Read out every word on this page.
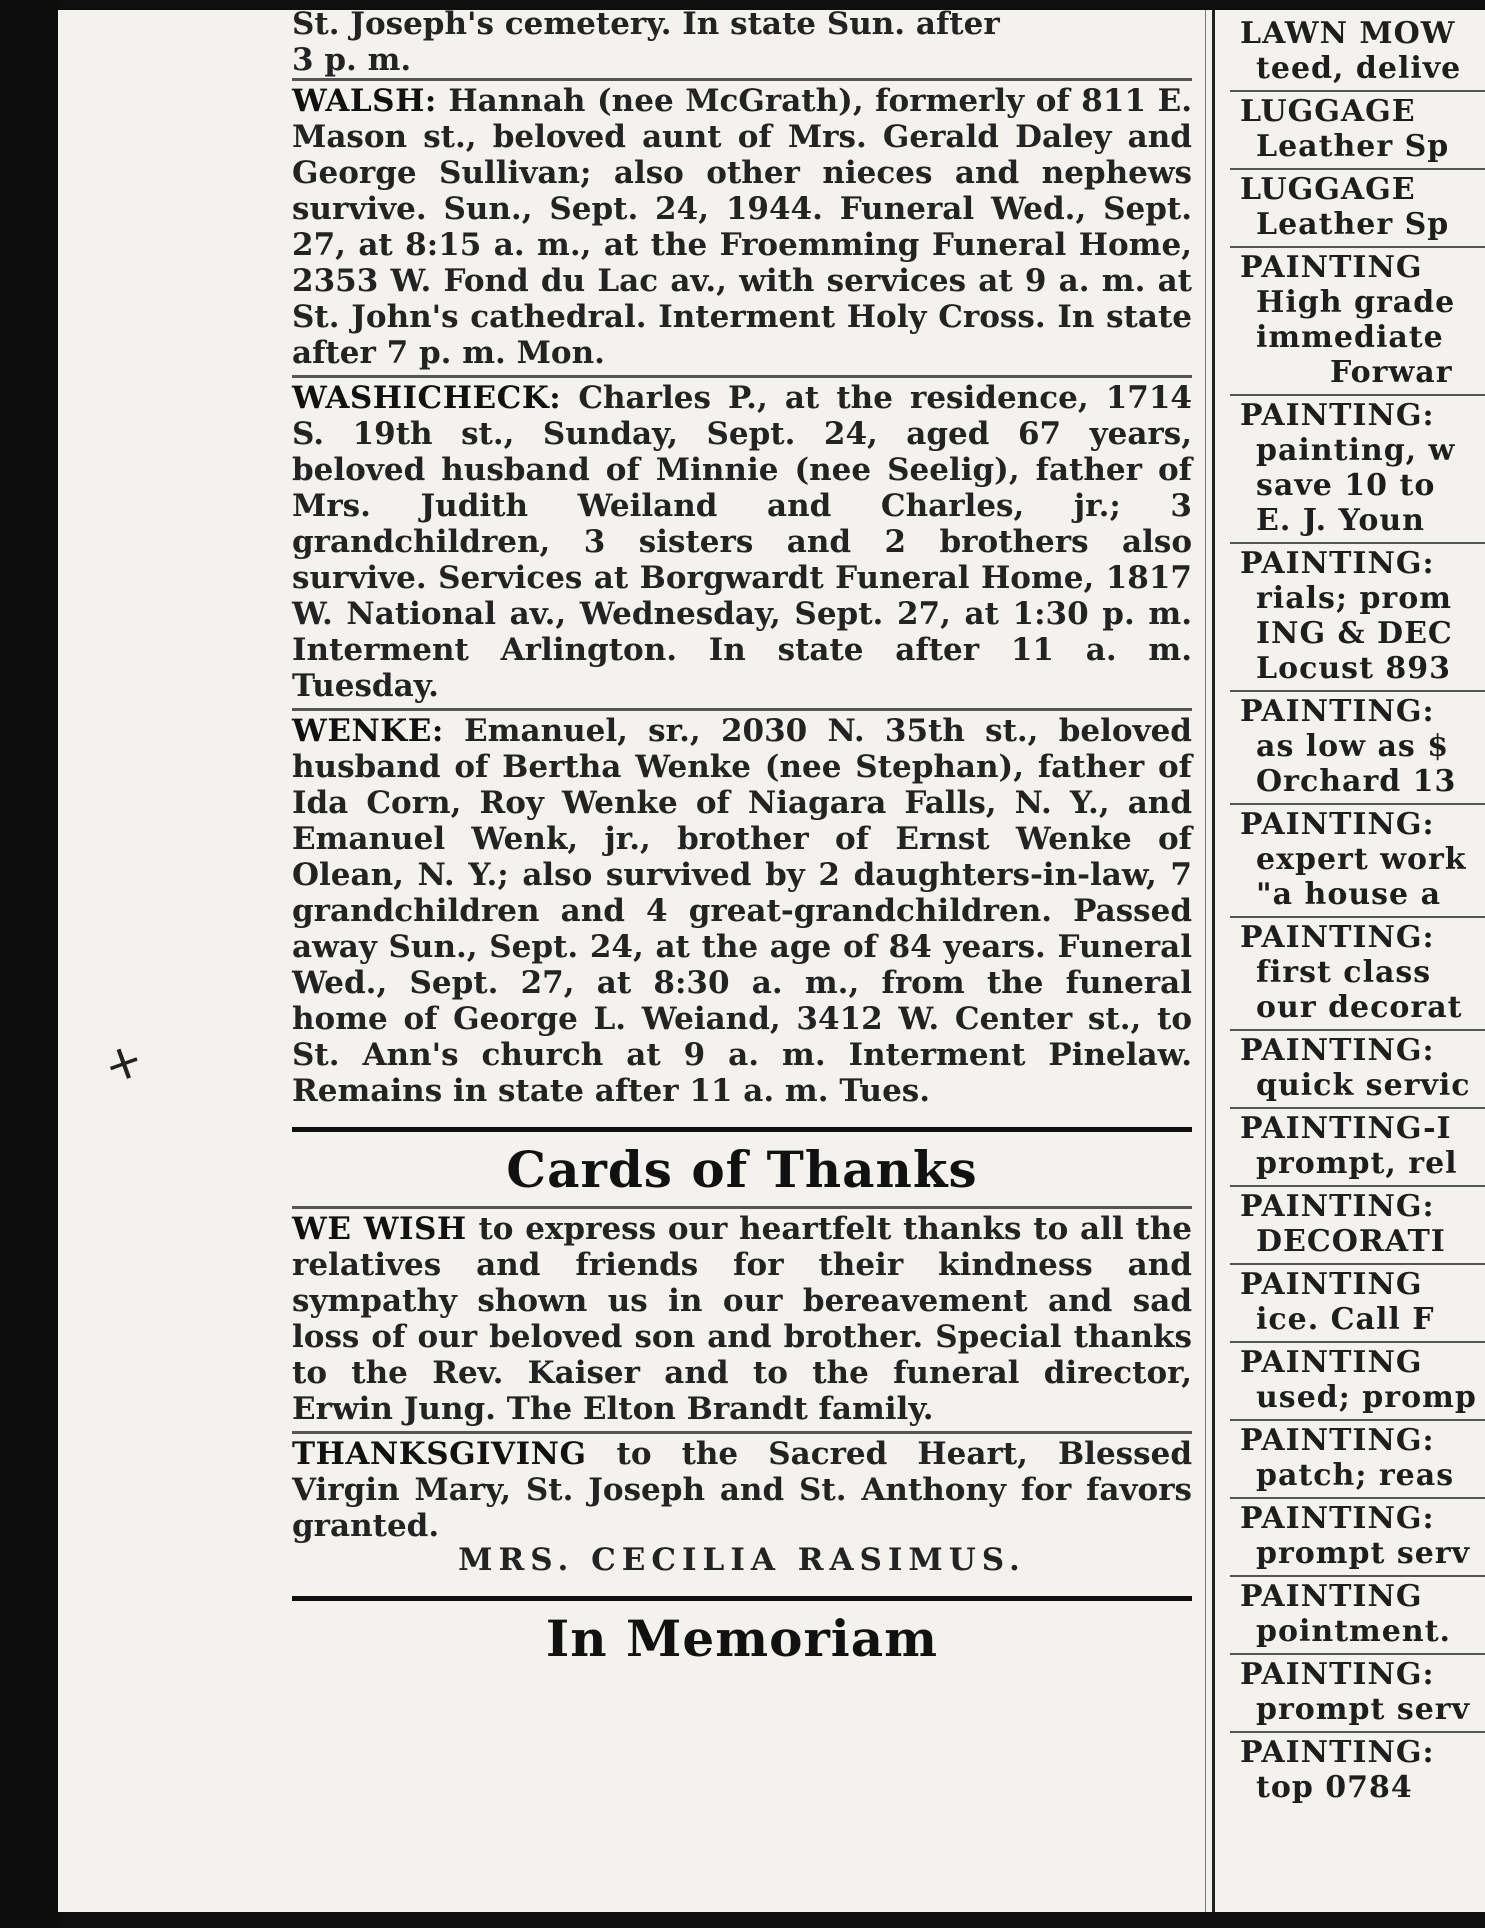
ⵜ
St. Joseph's cemetery. In state Sun. after
3 p. m.
WALSH: Hannah (nee McGrath), formerly of 811 E. Mason st., beloved aunt of Mrs. Gerald Daley and George Sullivan; also other nieces and nephews survive. Sun., Sept. 24, 1944. Funeral Wed., Sept. 27, at 8:15 a. m., at the Froemming Funeral Home, 2353 W. Fond du Lac av., with services at 9 a. m. at St. John's cathedral. Interment Holy Cross. In state after 7 p. m. Mon.
WASHICHECK: Charles P., at the residence, 1714 S. 19th st., Sunday, Sept. 24, aged 67 years, beloved husband of Minnie (nee Seelig), father of Mrs. Judith Weiland and Charles, jr.; 3 grandchildren, 3 sisters and 2 brothers also survive. Services at Borgwardt Funeral Home, 1817 W. National av., Wednesday, Sept. 27, at 1:30 p. m. Interment Arlington. In state after 11 a. m. Tuesday.
WENKE: Emanuel, sr., 2030 N. 35th st., beloved husband of Bertha Wenke (nee Stephan), father of Ida Corn, Roy Wenke of Niagara Falls, N. Y., and Emanuel Wenk, jr., brother of Ernst Wenke of Olean, N. Y.; also survived by 2 daughters-in-law, 7 grandchildren and 4 great-grandchildren. Passed away Sun., Sept. 24, at the age of 84 years. Funeral Wed., Sept. 27, at 8:30 a. m., from the funeral home of George L. Weiand, 3412 W. Center st., to St. Ann's church at 9 a. m. Interment Pinelaw. Remains in state after 11 a. m. Tues.
Cards of Thanks
WE WISH to express our heartfelt thanks to all the relatives and friends for their kindness and sympathy shown us in our bereavement and sad loss of our beloved son and brother. Special thanks to the Rev. Kaiser and to the funeral director, Erwin Jung. The Elton Brandt family.
THANKSGIVING to the Sacred Heart, Blessed Virgin Mary, St. Joseph and St. Anthony for favors granted.
MRS. CECILIA RASIMUS.
In Memoriam
LAWN MOW
teed, delive
LUGGAGE
Leather Sp
LUGGAGE
Leather Sp
PAINTING
High grade
immediate
Forwar
PAINTING:
painting, w
save 10 to
E. J. Youn
PAINTING:
rials; prom
ING & DEC
Locust 893
PAINTING:
as low as $
Orchard 13
PAINTING:
expert work
"a house a
PAINTING:
first class
our decorat
PAINTING:
quick servic
PAINTING-I
prompt, rel
PAINTING:
DECORATI
PAINTING
ice. Call F
PAINTING
used; promp
PAINTING:
patch; reas
PAINTING:
prompt serv
PAINTING
pointment.
PAINTING:
prompt serv
PAINTING:
top 0784
